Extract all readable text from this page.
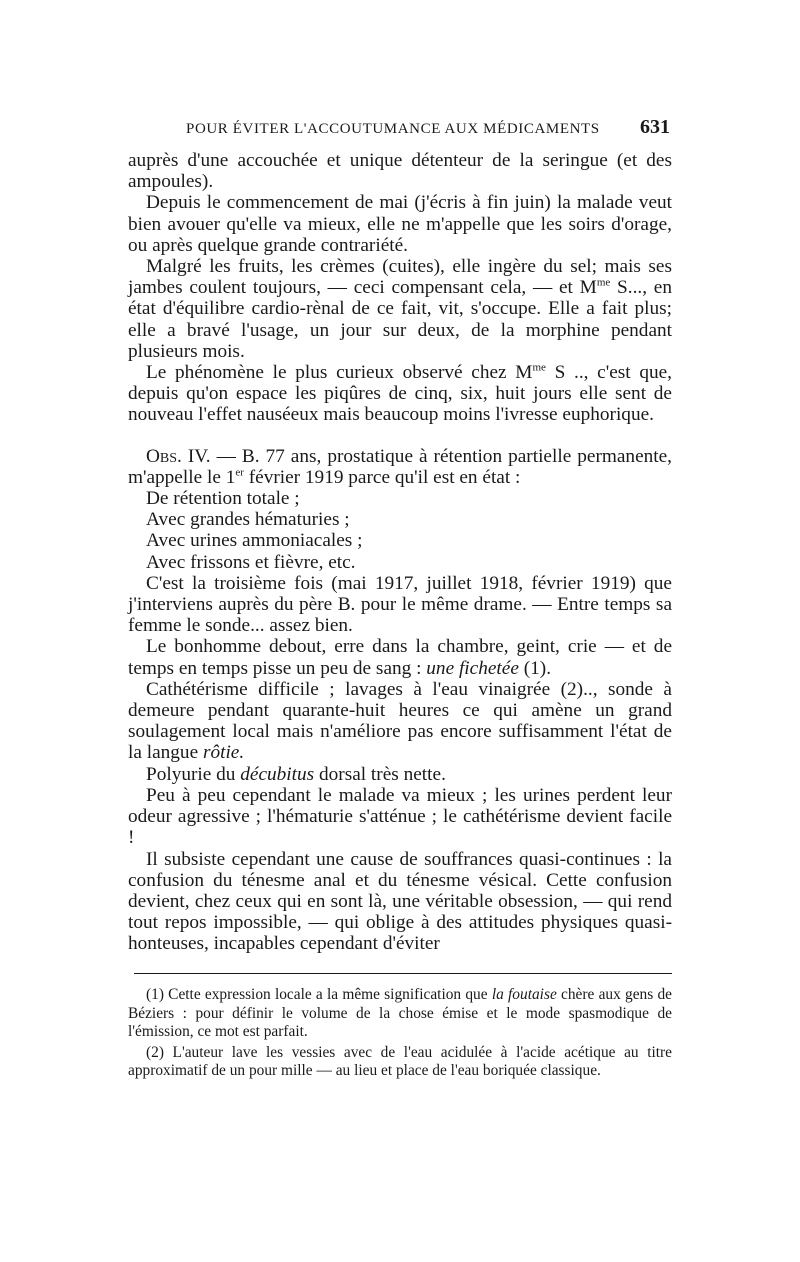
POUR ÉVITER L'ACCOUTUMANCE AUX MÉDICAMENTS 631

auprès d'une accouchée et unique détenteur de la seringue (et des ampoules).

Depuis le commencement de mai (j'écris à fin juin) la malade veut bien avouer qu'elle va mieux, elle ne m'appelle que les soirs d'orage, ou après quelque grande contrariété.

Malgré les fruits, les crèmes (cuites), elle ingère du sel; mais ses jambes coulent toujours, — ceci compensant cela, — et $M^{me}$ S..., en état d'équilibre cardio-rènal de ce fait, vit, s'occupe. Elle a fait plus; elle a bravé l'usage, un jour sur deux, de la morphine pendant plusieurs mois.

Le phénomène le plus curieux observé chez $M^{me}$ S .., c'est que, depuis qu'on espace les piqûres de cinq, six, huit jours elle sent de nouveau l'effet nauséeux mais beaucoup moins l'ivresse euphorique.

Obs. IV. — B. 77 ans, prostatique à rétention partielle permanente, m'appelle le 1er février 1919 parce qu'il est en état :

De rétention totale ;

Avec grandes hématuries ;

Avec urines ammoniacales ;

Avec frissons et fièvre, etc.

C'est la troisième fois (mai 1917, juillet 1918, février 1919) que j'interviens auprès du père B. pour le même drame. — Entre temps sa femme le sonde... assez bien.

Le bonhomme debout, erre dans la chambre, geint, crie — et de temps en temps pisse un peu de sang : une fichetée (1).

Cathétérisme difficile ; lavages à l'eau vinaigrée (2).., sonde à demeure pendant quarante-huit heures ce qui amène un grand soulagement local mais n'améliore pas encore suffisamment l'état de la langue rôtie.

Polyurie du décubitus dorsal très nette.

Peu à peu cependant le malade va mieux ; les urines perdent leur odeur agressive ; l'hématurie s'atténue ; le cathétérisme devient facile !

Il subsiste cependant une cause de souffrances quasi-continues : la confusion du ténesme anal et du ténesme vésical. Cette confusion devient, chez ceux qui en sont là, une véritable obsession, — qui rend tout repos impossible, — qui oblige à des attitudes physiques quasi-honteuses, incapables cependant d'éviter

(1) Cette expression locale a la même signification que la foutaise chère aux gens de Béziers : pour définir le volume de la chose émise et le mode spasmodique de l'émission, ce mot est parfait.

(2) L'auteur lave les vessies avec de l'eau acidulée à l'acide acétique au titre approximatif de un pour mille — au lieu et place de l'eau boriquée classique.
